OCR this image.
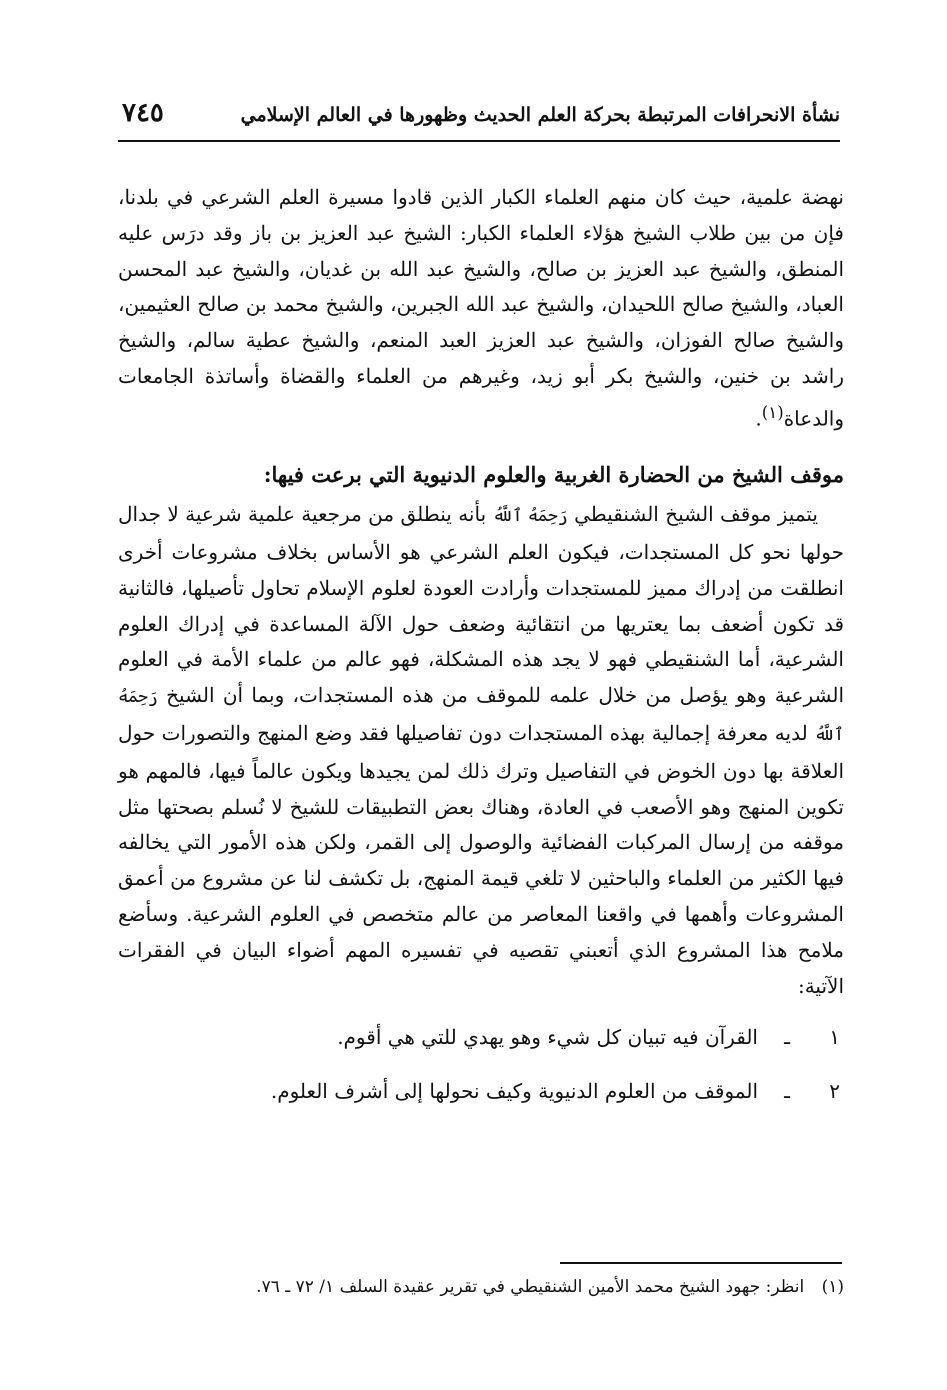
نشأة الانحرافات المرتبطة بحركة العلم الحديث وظهورها في العالم الإسلامي
٧٤٥

نهضة علمية، حيث كان منهم العلماء الكبار الذين قادوا مسيرة العلم الشرعي في بلدنا، فإن من بين طلاب الشيخ هؤلاء العلماء الكبار: الشيخ عبد العزيز بن باز وقد درَس عليه المنطق، والشيخ عبد العزيز بن صالح، والشيخ عبد الله بن غديان، والشيخ عبد المحسن العباد، والشيخ صالح اللحيدان، والشيخ عبد الله الجبرين، والشيخ محمد بن صالح العثيمين، والشيخ صالح الفوزان، والشيخ عبد العزيز العبد المنعم، والشيخ عطية سالم، والشيخ راشد بن خنين، والشيخ بكر أبو زيد، وغيرهم من العلماء والقضاة وأساتذة الجامعات والدعاة$^{(١)}$.

موقف الشيخ من الحضارة الغربية والعلوم الدنيوية التي برعت فيها:

يتميز موقف الشيخ الشنقيطي رَحِمَهُ ٱللَّهُ بأنه ينطلق من مرجعية علمية شرعية لا جدال حولها نحو كل المستجدات، فيكون العلم الشرعي هو الأساس بخلاف مشروعات أخرى انطلقت من إدراك مميز للمستجدات وأرادت العودة لعلوم الإسلام تحاول تأصيلها، فالثانية قد تكون أضعف بما يعتريها من انتقائية وضعف حول الآلة المساعدة في إدراك العلوم الشرعية، أما الشنقيطي فهو لا يجد هذه المشكلة، فهو عالم من علماء الأمة في العلوم الشرعية وهو يؤصل من خلال علمه للموقف من هذه المستجدات، وبما أن الشيخ رَحِمَهُ ٱللَّهُ لديه معرفة إجمالية بهذه المستجدات دون تفاصيلها فقد وضع المنهج والتصورات حول العلاقة بها دون الخوض في التفاصيل وترك ذلك لمن يجيدها ويكون عالماً فيها، فالمهم هو تكوين المنهج وهو الأصعب في العادة، وهناك بعض التطبيقات للشيخ لا نُسلم بصحتها مثل موقفه من إرسال المركبات الفضائية والوصول إلى القمر، ولكن هذه الأمور التي يخالفه فيها الكثير من العلماء والباحثين لا تلغي قيمة المنهج، بل تكشف لنا عن مشروع من أعمق المشروعات وأهمها في واقعنا المعاصر من عالم متخصص في العلوم الشرعية. وسأضع ملامح هذا المشروع الذي أتعبني تقصيه في تفسيره المهم أضواء البيان في الفقرات الآتية:

١
ـ
القرآن فيه تبيان كل شيء وهو يهدي للتي هي أقوم.
٢
ـ
الموقف من العلوم الدنيوية وكيف نحولها إلى أشرف العلوم.
(١) انظر: جهود الشيخ محمد الأمين الشنقيطي في تقرير عقيدة السلف ١/ ٧٢ ـ ٧٦.
